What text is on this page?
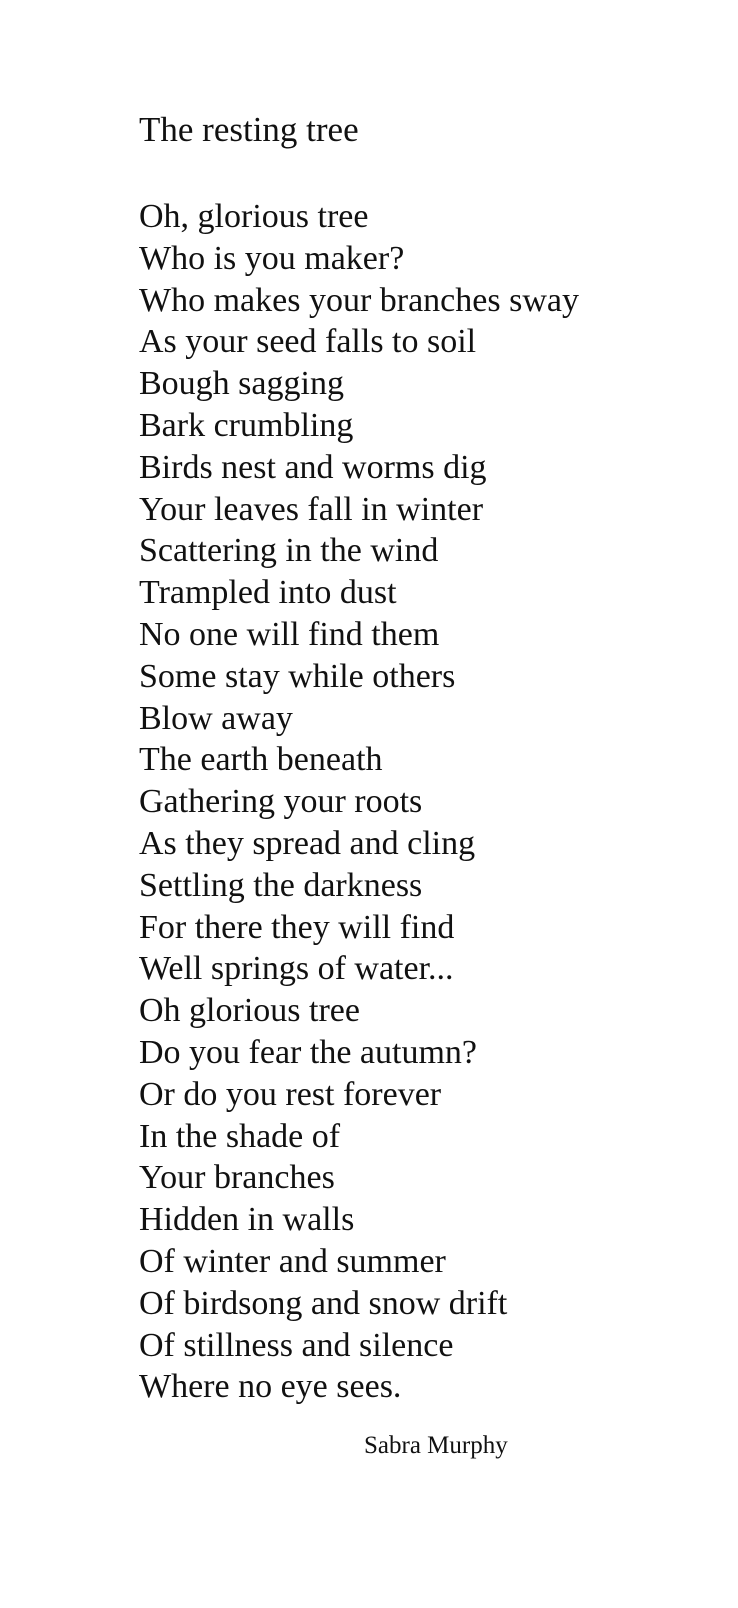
The resting tree
Oh, glorious tree
Who is you maker?
Who makes your branches sway
As your seed falls to soil
Bough sagging
Bark crumbling
Birds nest and worms dig
Your leaves fall in winter
Scattering in the wind
Trampled into dust
No one will find them
Some stay while others
Blow away
The earth beneath
Gathering your roots
As they spread and cling
Settling the darkness
For there they will find
Well springs of water...
Oh glorious tree
Do you fear the autumn?
Or do you rest forever
In the shade of
Your branches
Hidden in walls
Of winter and summer
Of birdsong and snow drift
Of stillness and silence
Where no eye sees.
Sabra Murphy
